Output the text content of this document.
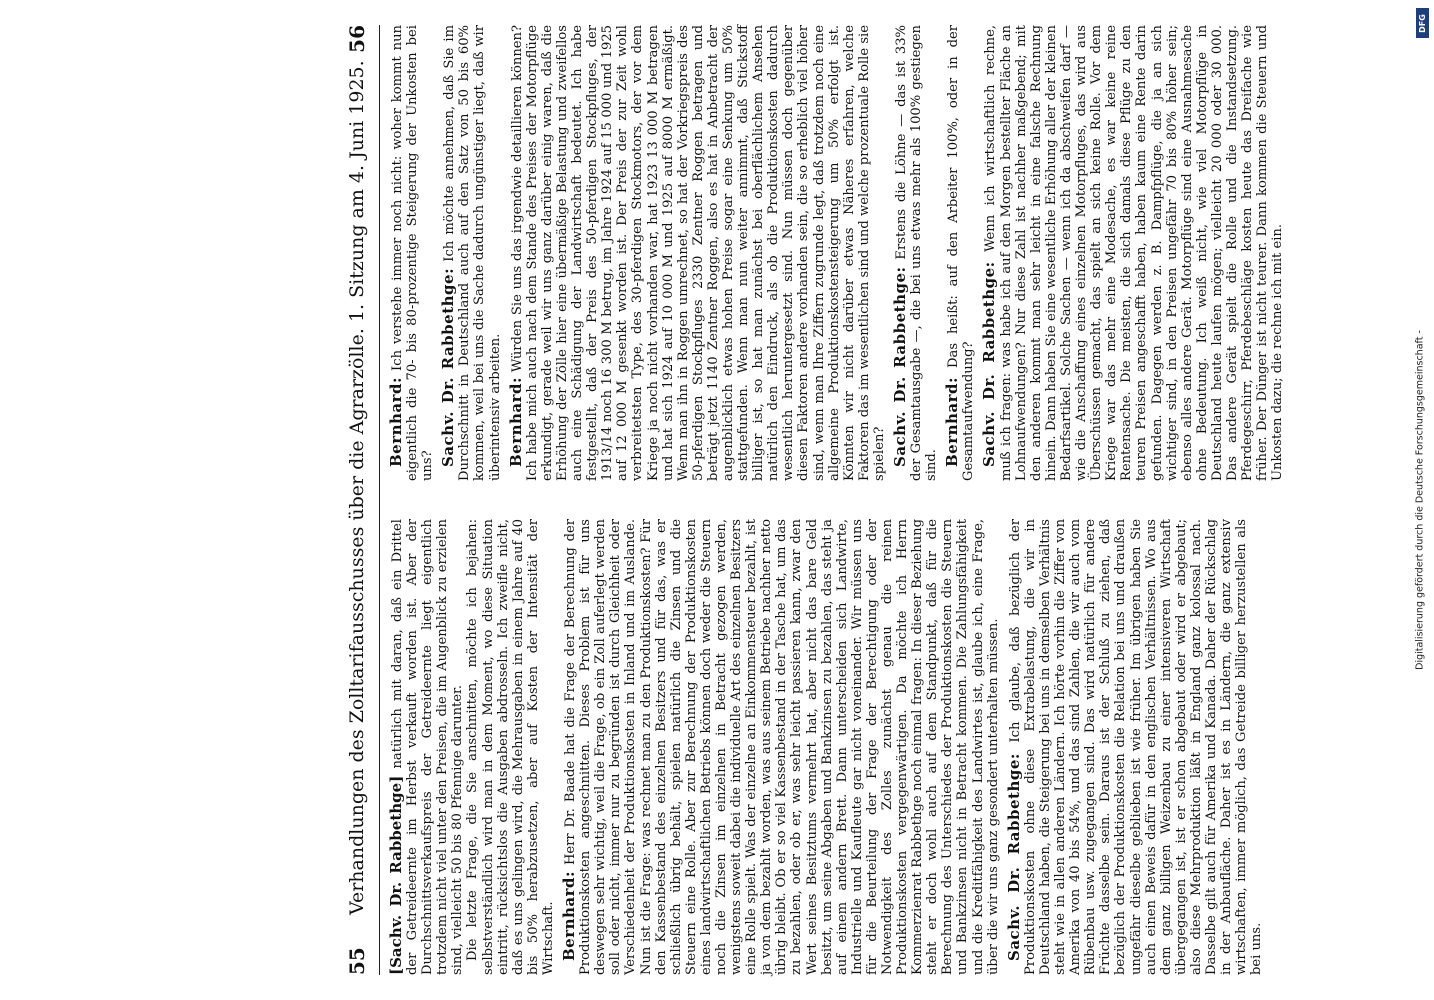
55
Verhandlungen des Zolltarifausschusses über die Agrarzölle. 1. Sitzung am 4. Juni 1925.
56

[Sachv. Dr. Rabbethge] natürlich mit daran, daß ein Drittel der Getreideernte im Herbst verkauft worden ist. Aber der Durchschnittsverkaufspreis der Getreideernte liegt eigentlich trotzdem nicht viel unter den Preisen, die im Augenblick zu erzielen sind, vielleicht 50 bis 80 Pfennige darunter. Die letzte Frage, die Sie anschnitten, möchte ich bejahen: selbstverständlich wird man in dem Moment, wo diese Situation eintritt, rücksichtslos die Ausgaben abdrosseln. Ich zweifle nicht, daß es uns gelingen wird, die Mehrausgaben in einem Jahre auf 40 bis 50% herabzusetzen, aber auf Kosten der Intensität der Wirtschaft. Bernhard: Herr Dr. Baade hat die Frage der Berechnung der Produktionskosten angeschnitten. Dieses Problem ist für uns deswegen sehr wichtig, weil die Frage, ob ein Zoll auferlegt werden soll oder nicht, immer nur zu begründen ist durch Gleichheit oder Verschiedenheit der Produktionskosten in Inland und im Auslande. Nun ist die Frage: was rechnet man zu den Produktionskosten? Für den Kassenbestand des einzelnen Besitzers und für das, was er schließlich übrig behält, spielen natürlich die Zinsen und die Steuern eine Rolle. Aber zur Berechnung der Produktionskosten eines landwirtschaftlichen Betriebs können doch weder die Steuern noch die Zinsen im einzelnen in Betracht gezogen werden, wenigstens soweit dabei die individuelle Art des einzelnen Besitzers eine Rolle spielt. Was der einzelne an Einkommensteuer bezahlt, ist ja von dem bezahlt worden, was aus seinem Betriebe nachher netto übrig bleibt. Ob er so viel Kassenbestand in der Tasche hat, um das zu bezahlen, oder ob er, was sehr leicht passieren kann, zwar den Wert seines Besitztums vermehrt hat, aber nicht das bare Geld besitzt, um seine Abgaben und Bankzinsen zu bezahlen, das steht ja auf einem andern Brett. Dann unterscheiden sich Landwirte, Industrielle und Kaufleute gar nicht voneinander. Wir müssen uns für die Beurteilung der Frage der Berechtigung oder der Notwendigkeit des Zolles zunächst genau die reinen Produktionskosten vergegenwärtigen. Da möchte ich Herrn Kommerzienrat Rabbethge noch einmal fragen: In dieser Beziehung steht er doch wohl auch auf dem Standpunkt, daß für die Berechnung des Unterschiedes der Produktionskosten die Steuern und Bankzinsen nicht in Betracht kommen. Die Zahlungsfähigkeit und die Kreditfähigkeit des Landwirtes ist, glaube ich, eine Frage, über die wir uns ganz gesondert unterhalten müssen. Sachv. Dr. Rabbethge: Ich glaube, daß bezüglich der Produktionskosten ohne diese Extrabelastung, die wir in Deutschland haben, die Steigerung bei uns in demselben Verhältnis steht wie in allen anderen Ländern. Ich hörte vorhin die Ziffer von Amerika von 40 bis 54%, und das sind Zahlen, die wir auch vom Rübenbau usw. zugegangen sind. Das wird natürlich für andere Früchte dasselbe sein. Daraus ist der Schluß zu ziehen, daß bezüglich der Produktionskosten die Relation bei uns und draußen ungefähr dieselbe geblieben ist wie früher. Im übrigen haben Sie auch einen Beweis dafür in den englischen Verhältnissen. Wo aus dem ganz billigen Weizenbau zu einer intensiveren Wirtschaft übergegangen ist, ist er schon abgebaut oder wird er abgebaut; also diese Mehrproduktion läßt in England ganz kolossal nach. Dasselbe gilt auch für Amerika und Kanada. Daher der Rückschlag in der Anbaufläche. Daher ist es in Ländern, die ganz extensiv wirtschaften, immer möglich, das Getreide billiger herzustellen als bei uns.

Bernhard: Ich verstehe immer noch nicht: woher kommt nun eigentlich die 70- bis 80-prozentige Steigerung der Unkosten bei uns? Sachv. Dr. Rabbethge: Ich möchte annehmen, daß Sie im Durchschnitt in Deutschland auch auf den Satz von 50 bis 60% kommen, weil bei uns die Sache dadurch ungünstiger liegt, daß wir überintensiv arbeiten. Bernhard: Würden Sie uns das irgendwie detaillieren können? Ich habe mich auch nach dem Stande des Preises der Motorpflüge erkundigt, gerade weil wir uns ganz darüber einig waren, daß die Erhöhung der Zölle hier eine übermäßige Belastung und zweifellos auch eine Schädigung der Landwirtschaft bedeutet. Ich habe festgestellt, daß der Preis des 50-pferdigen Stockpfluges, der 1913/14 noch 16 300 M betrug, im Jahre 1924 auf 15 000 und 1925 auf 12 000 M gesenkt worden ist. Der Preis der zur Zeit wohl verbreitetsten Type, des 30-pferdigen Stockmotors, der vor dem Kriege ja noch nicht vorhanden war, hat 1923 13 000 M betragen und hat sich 1924 auf 10 000 M und 1925 auf 8000 M ermäßigt. Wenn man ihn in Roggen umrechnet, so hat der Vorkriegspreis des 50-pferdigen Stockpfluges 2330 Zentner Roggen betragen und beträgt jetzt 1140 Zentner Roggen, also es hat in Anbetracht der augenblicklich etwas hohen Preise sogar eine Senkung um 50% stattgefunden. Wenn man nun weiter annimmt, daß Stickstoff billiger ist, so hat man zunächst bei oberflächlichem Ansehen natürlich den Eindruck, als ob die Produktionskosten dadurch wesentlich heruntergesetzt sind. Nun müssen doch gegenüber diesen Faktoren andere vorhanden sein, die so erheblich viel höher sind, wenn man Ihre Ziffern zugrunde legt, daß trotzdem noch eine allgemeine Produktionskostensteigerung um 50% erfolgt ist. Könnten wir nicht darüber etwas Näheres erfahren, welche Faktoren das im wesentlichen sind und welche prozentuale Rolle sie spielen? Sachv. Dr. Rabbethge: Erstens die Löhne — das ist 33% der Gesamtausgabe —, die bei uns etwas mehr als 100% gestiegen sind. Bernhard: Das heißt: auf den Arbeiter 100%, oder in der Gesamtaufwendung? Sachv. Dr. Rabbethge: Wenn ich wirtschaftlich rechne, muß ich fragen: was habe ich auf den Morgen bestellter Fläche an Lohnaufwendungen? Nur diese Zahl ist nachher maßgebend; mit den anderen kommt man sehr leicht in eine falsche Rechnung hinein. Dann haben Sie eine wesentliche Erhöhung aller der kleinen Bedarfsartikel. Solche Sachen — wenn ich da abschweifen darf — wie die Anschaffung eines einzelnen Motorpfluges, das wird aus Überschüssen gemacht, das spielt an sich keine Rolle. Vor dem Kriege war das mehr eine Modesache, es war keine reine Rentensache. Die meisten, die sich damals diese Pflüge zu den teuren Preisen angeschafft haben, haben kaum eine Rente darin gefunden. Dagegen werden z. B. Dampfpflüge, die ja an sich wichtiger sind, in den Preisen ungefähr 70 bis 80% höher sein; ebenso alles andere Gerät. Motorpflüge sind eine Ausnahmesache ohne Bedeutung. Ich weiß nicht, wie viel Motorpflüge in Deutschland heute laufen mögen; vielleicht 20 000 oder 30 000. Das andere Gerät spielt die Rolle und die Instandsetzung. Pferdegeschirr, Pferdebeschläge kosten heute das Dreifache wie früher. Der Dünger ist nicht teurer. Dann kommen die Steuern und Unkosten dazu; die rechne ich mit ein.	Digitalisierung gefördert durch die Deutsche Forschungsgemeinschaft -
DFG
